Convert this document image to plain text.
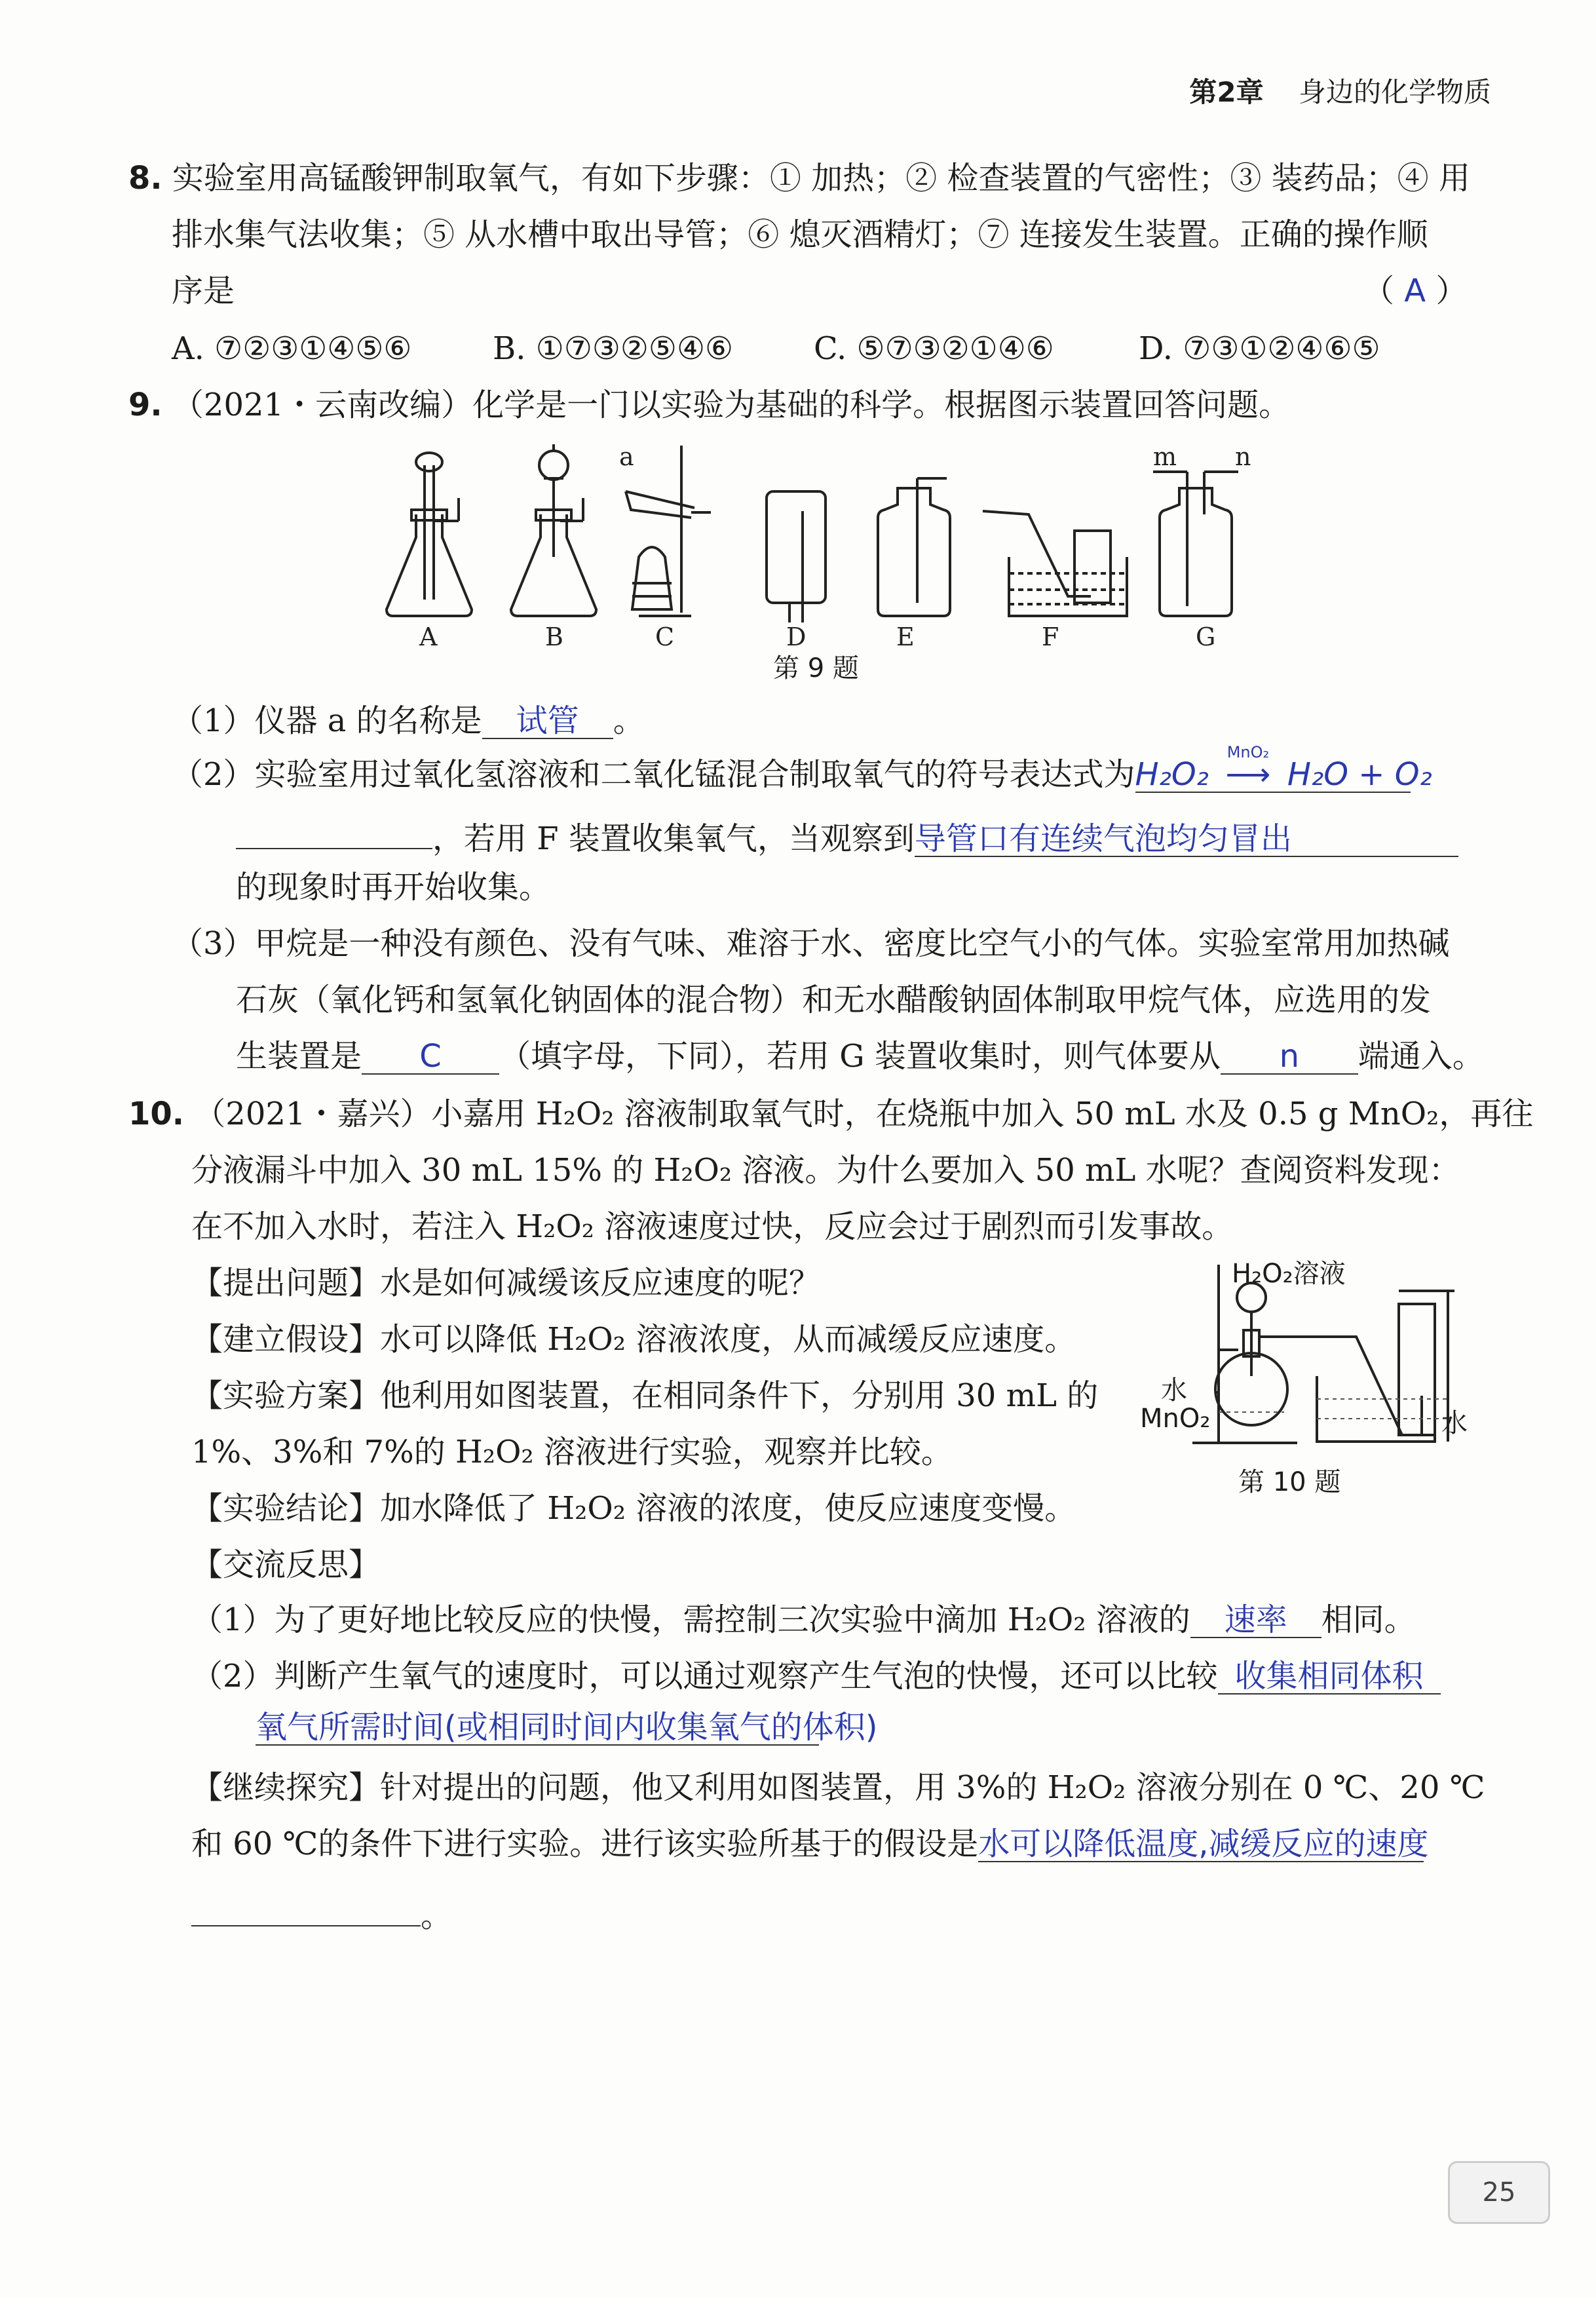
第2章 身边的化学物质
8. 实验室用高锰酸钾制取氧气，有如下步骤：① 加热；② 检查装置的气密性；③ 装药品；④ 用
排水集气法收集；⑤ 从水槽中取出导管；⑥ 熄灭酒精灯；⑦ 连接发生装置。正确的操作顺
序是	（ A ）
A. ⑦②③①④⑤⑥	B. ①⑦③②⑤④⑥	C. ⑤⑦③②①④⑥	D. ⑦③①②④⑥⑤
9. （2021・云南改编）化学是一门以实验为基础的科学。根据图示装置回答问题。
A	B	C	D	E	F	G
a	m n
第 9 题
（1）仪器 a 的名称是 试管 。
（2）实验室用过氧化氢溶液和二氧化锰混合制取氧气的符号表达式为H₂O₂
MnO₂
⟶ H₂O + O₂
，若用 F 装置收集氧气，当观察到导管口有连续气泡均匀冒出
的现象时再开始收集。
（3）甲烷是一种没有颜色、没有气味、难溶于水、密度比空气小的气体。实验室常用加热碱
石灰（氧化钙和氢氧化钠固体的混合物）和无水醋酸钠固体制取甲烷气体，应选用的发
生装置是 C （填字母，下同），若用 G 装置收集时，则气体要从 n 端通入。
10. （2021・嘉兴）小嘉用 H₂O₂ 溶液制取氧气时，在烧瓶中加入 50 mL 水及 0.5 g MnO₂，再往
分液漏斗中加入 30 mL 15% 的 H₂O₂ 溶液。为什么要加入 50 mL 水呢？查阅资料发现：
在不加入水时，若注入 H₂O₂ 溶液速度过快，反应会过于剧烈而引发事故。
【提出问题】水是如何减缓该反应速度的呢？
【建立假设】水可以降低 H₂O₂ 溶液浓度，从而减缓反应速度。
【实验方案】他利用如图装置，在相同条件下，分别用 30 mL 的
1%、3%和 7%的 H₂O₂ 溶液进行实验，观察并比较。
【实验结论】加水降低了 H₂O₂ 溶液的浓度，使反应速度变慢。
【交流反思】
H₂O₂溶液
水
MnO₂	水
第 10 题
（1）为了更好地比较反应的快慢，需控制三次实验中滴加 H₂O₂ 溶液的 速率 相同。
（2）判断产生氧气的速度时，可以通过观察产生气泡的快慢，还可以比较 收集相同体积
氧气所需时间(或相同时间内收集氧气的体积)
【继续探究】针对提出的问题，他又利用如图装置，用 3%的 H₂O₂ 溶液分别在 0 ℃、20 ℃
和 60 ℃的条件下进行实验。进行该实验所基于的假设是水可以降低温度,减缓反应的速度
。
25
